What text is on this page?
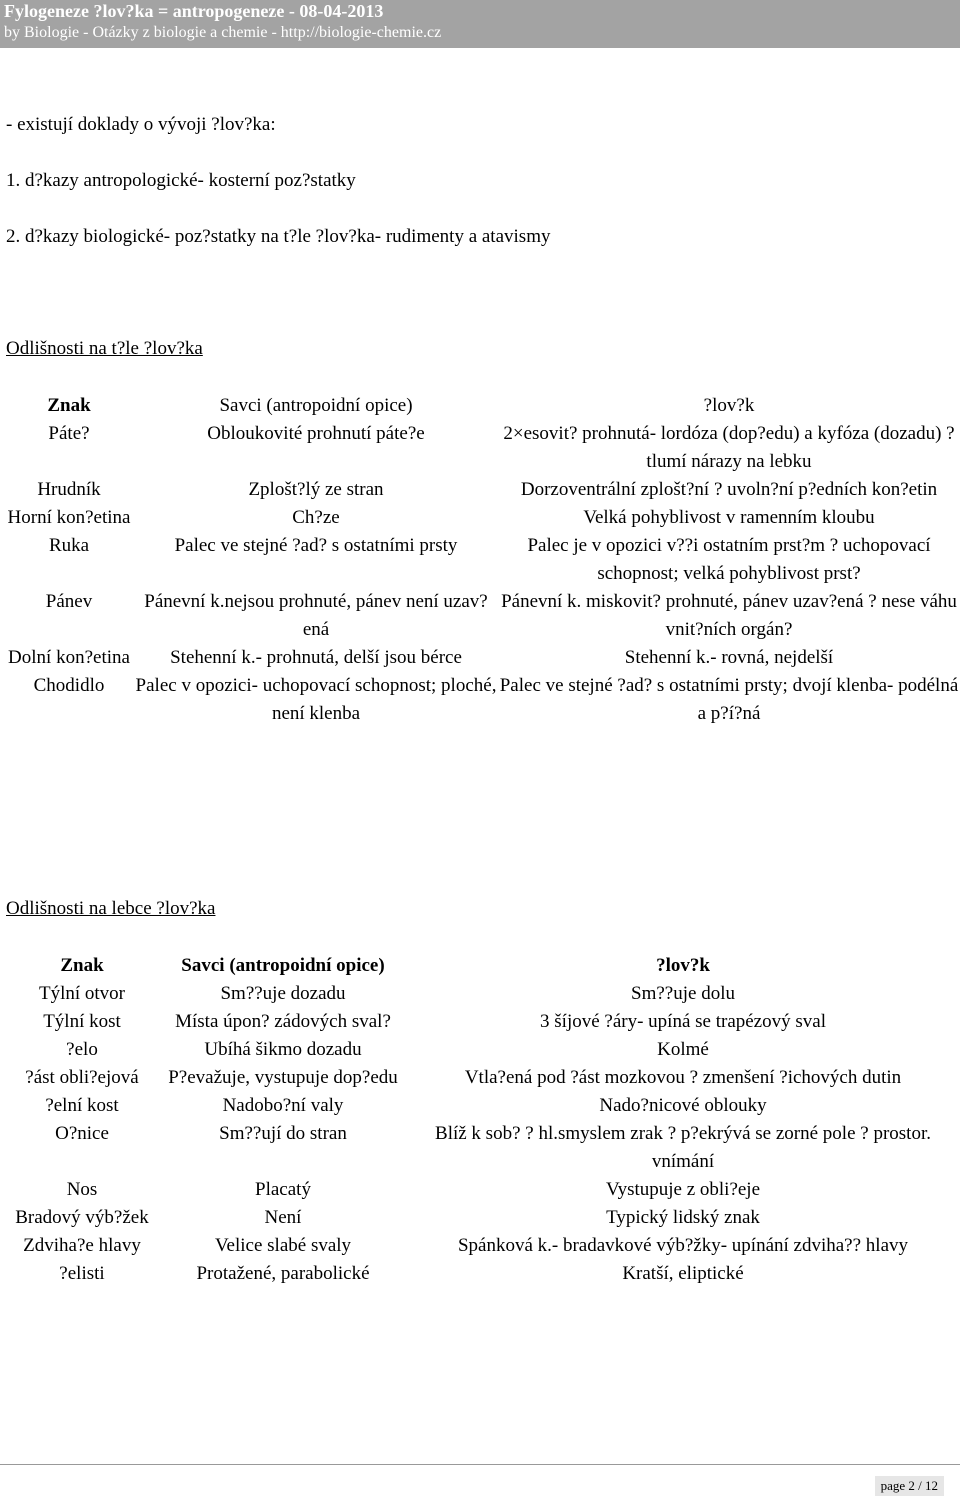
Fylogeneze ?lov?ka = antropogeneze - 08-04-2013
by Biologie - Otázky z biologie a chemie - http://biologie-chemie.cz
- existují doklady o vývoji ?lov?ka:
1. d?kazy antropologické- kosterní poz?statky
2. d?kazy biologické- poz?statky na t?le ?lov?ka- rudimenty a atavismy
Odlišnosti na t?le ?lov?ka
Znak	Savci (antropoidní opice)	?lov?k
Páte?	Obloukovité prohnutí páte?e	2×esovit? prohnutá- lordóza (dop?edu) a kyfóza (dozadu) ? tlumí nárazy na lebku
Hrudník	Zplošt?lý ze stran	Dorzoventrální zplošt?ní ? uvoln?ní p?edních kon?etin
Horní kon?etina	Ch?ze	Velká pohyblivost v ramenním kloubu
Ruka	Palec ve stejné ?ad? s ostatními prsty	Palec je v opozici v??i ostatním prst?m ? uchopovací schopnost; velká pohyblivost prst?
Pánev	Pánevní k.nejsou prohnuté, pánev není uzav?ená	Pánevní k. miskovit? prohnuté, pánev uzav?ená ? nese váhu vnit?ních orgán?
Dolní kon?etina	Stehenní k.- prohnutá, delší jsou bérce	Stehenní k.- rovná, nejdelší
Chodidlo	Palec v opozici- uchopovací schopnost; ploché, není klenba	Palec ve stejné ?ad? s ostatními prsty; dvojí klenba- podélná a p?í?ná
Odlišnosti na lebce ?lov?ka
Znak	Savci (antropoidní opice)	?lov?k
Týlní otvor	Sm??uje dozadu	Sm??uje dolu
Týlní kost	Místa úpon? zádových sval?	3 šíjové ?áry- upíná se trapézový sval
?elo	Ubíhá šikmo dozadu	Kolmé
?ást obli?ejová	P?evažuje, vystupuje dop?edu	Vtla?ená pod ?ást mozkovou ? zmenšení ?ichových dutin
?elní kost	Nadobo?ní valy	Nado?nicové oblouky
O?nice	Sm??ují do stran	Blíž k sob? ? hl.smyslem zrak ? p?ekrývá se zorné pole ? prostor. vnímání
Nos	Placatý	Vystupuje z obli?eje
Bradový výb?žek	Není	Typický lidský znak
Zdviha?e hlavy	Velice slabé svaly	Spánková k.- bradavkové výb?žky- upínání zdviha?? hlavy
?elisti	Protažené, parabolické	Kratší, eliptické
page 2 / 12
